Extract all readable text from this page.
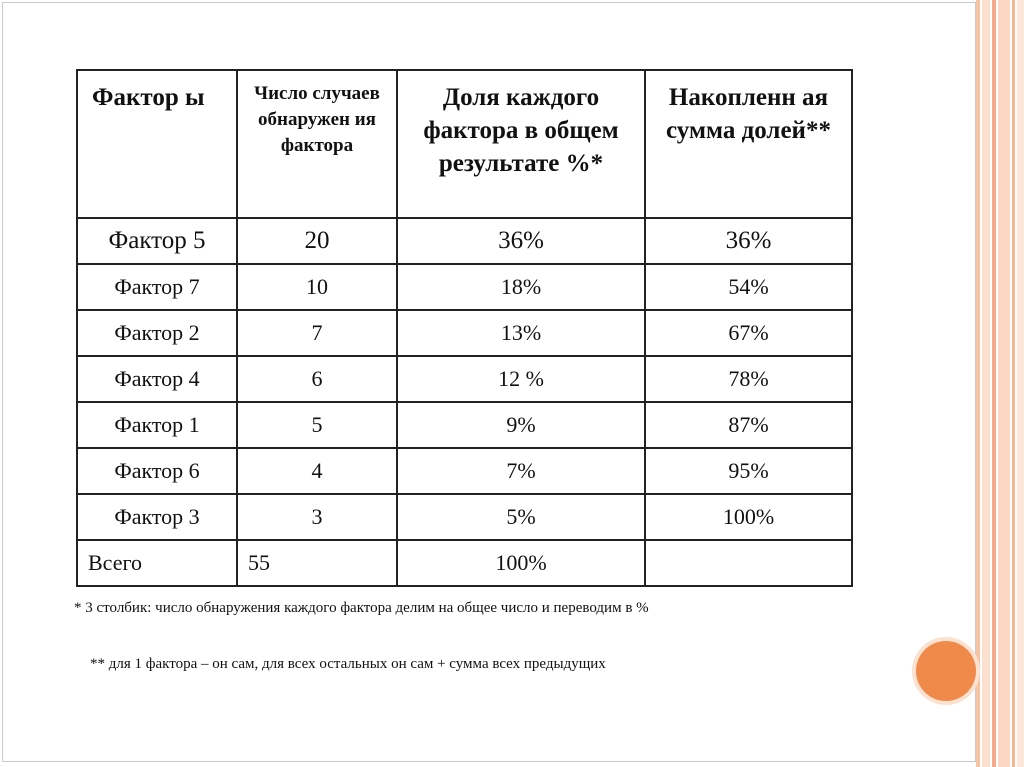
Фактор ы	Число случаев обнаружен ия фактора	Доля каждого фактора в общем результате %*	Накопленн ая сумма долей**
Фактор 5	20	36%	36%
Фактор 7	10	18%	54%
Фактор 2	7	13%	67%
Фактор 4	6	12 %	78%
Фактор 1	5	9%	87%
Фактор 6	4	7%	95%
Фактор 3	3	5%	100%
Всего	55	100%	
* 3 столбик: число обнаружения каждого фактора делим на общее число и переводим в %
** для 1 фактора – он сам, для всех остальных он сам + сумма всех предыдущих
